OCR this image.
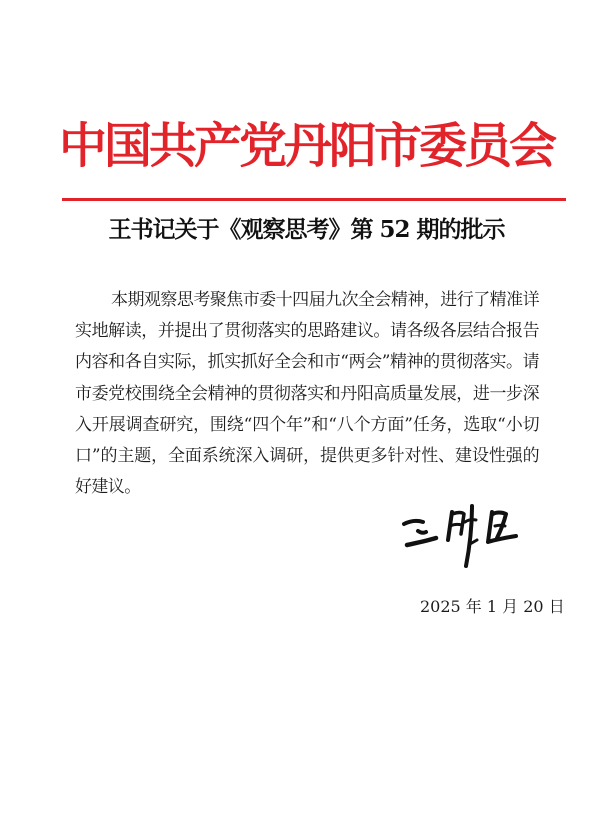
中国共产党丹阳市委员会
王书记关于《观察思考》第 52 期的批示

本期观察思考聚焦市委十四届九次全会精神，进行了精准详实地解读，并提出了贯彻落实的思路建议。请各级各层结合报告内容和各自实际，抓实抓好全会和市“两会”精神的贯彻落实。请市委党校围绕全会精神的贯彻落实和丹阳高质量发展，进一步深入开展调查研究，围绕“四个年”和“八个方面”任务，选取“小切口”的主题，全面系统深入调研，提供更多针对性、建设性强的好建议。

2025 年 1 月 20 日
